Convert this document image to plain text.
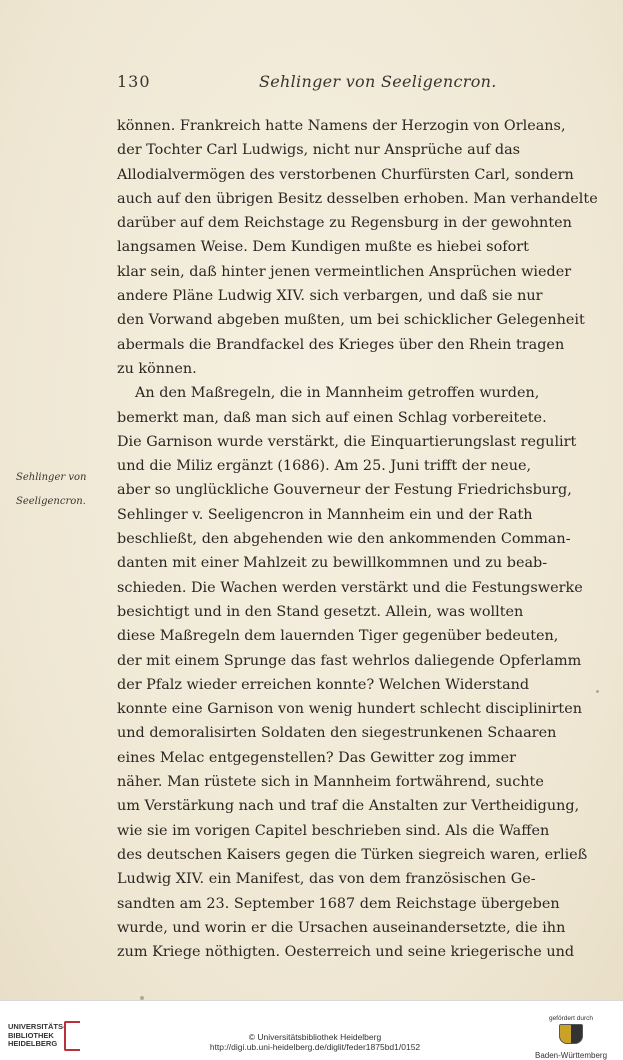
130	Sehlinger von Seeligencron.
Sehlinger von
Seeligencron.
können. Frankreich hatte Namens der Herzogin von Orleans,
der Tochter Carl Ludwigs, nicht nur Ansprüche auf das
Allodialvermögen des verstorbenen Churfürsten Carl, sondern
auch auf den übrigen Besitz desselben erhoben. Man verhandelte
darüber auf dem Reichstage zu Regensburg in der gewohnten
langsamen Weise. Dem Kundigen mußte es hiebei sofort
klar sein, daß hinter jenen vermeintlichen Ansprüchen wieder
andere Pläne Ludwig XIV. sich verbargen, und daß sie nur
den Vorwand abgeben mußten, um bei schicklicher Gelegenheit
abermals die Brandfackel des Krieges über den Rhein tragen
zu können.
An den Maßregeln, die in Mannheim getroffen wurden,
bemerkt man, daß man sich auf einen Schlag vorbereitete.
Die Garnison wurde verstärkt, die Einquartierungslast regulirt
und die Miliz ergänzt (1686). Am 25. Juni trifft der neue,
aber so unglückliche Gouverneur der Festung Friedrichsburg,
Sehlinger v. Seeligencron in Mannheim ein und der Rath
beschließt, den abgehenden wie den ankommenden Comman-
danten mit einer Mahlzeit zu bewillkommnen und zu beab-
schieden. Die Wachen werden verstärkt und die Festungswerke
besichtigt und in den Stand gesetzt. Allein, was wollten
diese Maßregeln dem lauernden Tiger gegenüber bedeuten,
der mit einem Sprunge das fast wehrlos daliegende Opferlamm
der Pfalz wieder erreichen konnte? Welchen Widerstand
konnte eine Garnison von wenig hundert schlecht disciplinirten
und demoralisirten Soldaten den siegestrunkenen Schaaren
eines Melac entgegenstellen? Das Gewitter zog immer
näher. Man rüstete sich in Mannheim fortwährend, suchte
um Verstärkung nach und traf die Anstalten zur Vertheidigung,
wie sie im vorigen Capitel beschrieben sind. Als die Waffen
des deutschen Kaisers gegen die Türken siegreich waren, erließ
Ludwig XIV. ein Manifest, das von dem französischen Ge-
sandten am 23. September 1687 dem Reichstage übergeben
wurde, und worin er die Ursachen auseinandersetzte, die ihn
zum Kriege nöthigten. Oesterreich und seine kriegerische und
UNIVERSITÄTS-
BIBLIOTHEK
HEIDELBERG
© Universitätsbibliothek Heidelberg
http://digi.ub.uni-heidelberg.de/diglit/feder1875bd1/0152
gefördert durch
Baden-Württemberg
